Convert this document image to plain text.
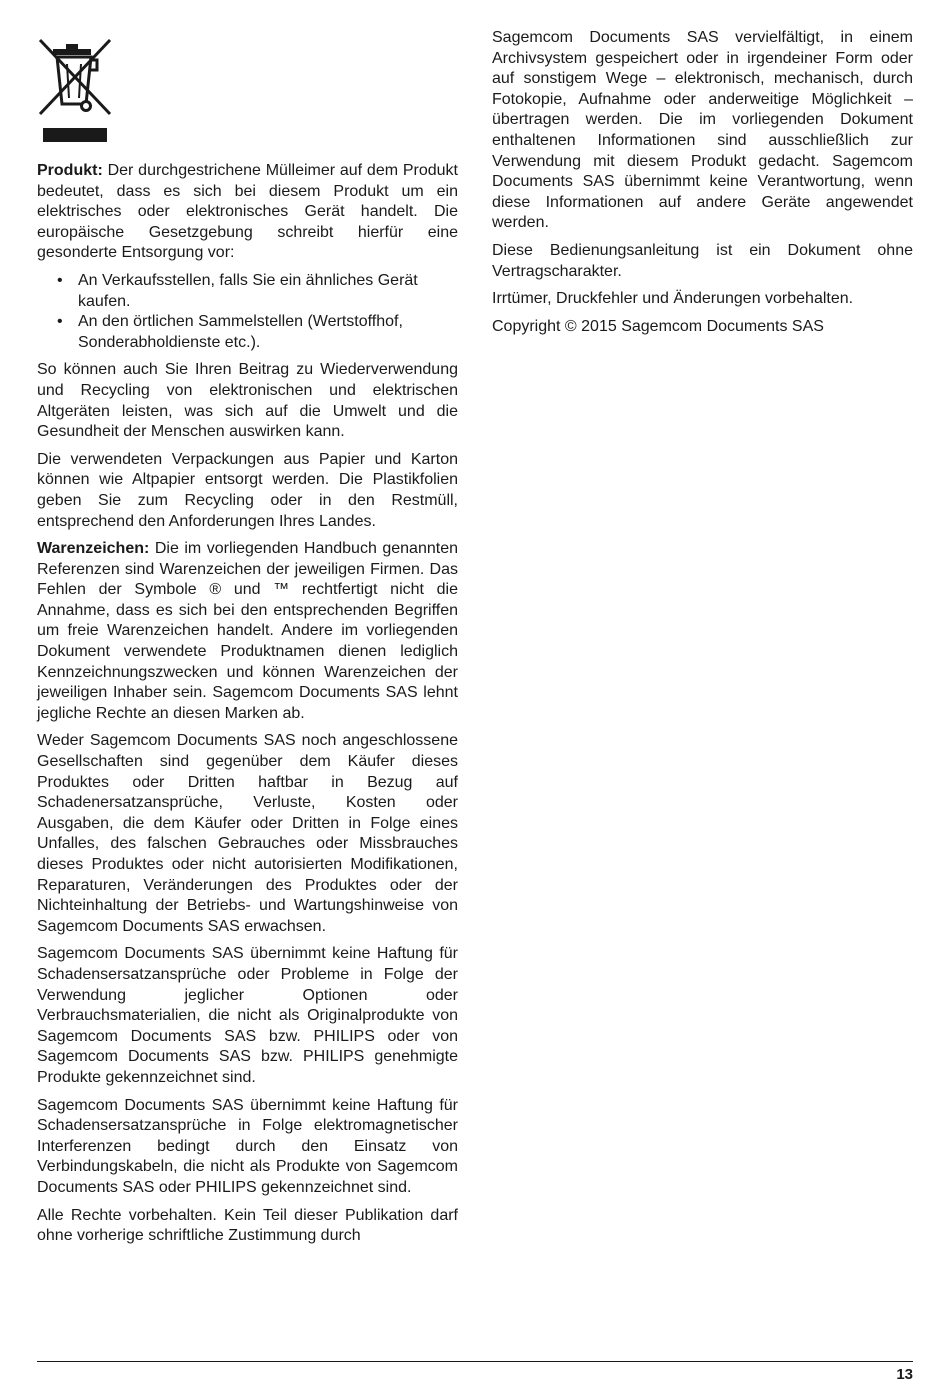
Produkt: Der durchgestrichene Mülleimer auf dem Produkt bedeutet, dass es sich bei diesem Produkt um ein elektrisches oder elektronisches Gerät handelt. Die europäische Gesetzgebung schreibt hierfür eine gesonderte Entsorgung vor:

• An Verkaufsstellen, falls Sie ein ähnliches Gerät kaufen.
• An den örtlichen Sammelstellen (Wertstoffhof, Sonderabholdienste etc.).

So können auch Sie Ihren Beitrag zu Wiederverwendung und Recycling von elektronischen und elektrischen Altgeräten leisten, was sich auf die Umwelt und die Gesundheit der Menschen auswirken kann.

Die verwendeten Verpackungen aus Papier und Karton können wie Altpapier entsorgt werden. Die Plastikfolien geben Sie zum Recycling oder in den Restmüll, entsprechend den Anforderungen Ihres Landes.

Warenzeichen: Die im vorliegenden Handbuch genannten Referenzen sind Warenzeichen der jeweiligen Firmen. Das Fehlen der Symbole ® und ™ rechtfertigt nicht die Annahme, dass es sich bei den entsprechenden Begriffen um freie Warenzeichen handelt. Andere im vorliegenden Dokument verwendete Produktnamen dienen lediglich Kennzeichnungszwecken und können Warenzeichen der jeweiligen Inhaber sein. Sagemcom Documents SAS lehnt jegliche Rechte an diesen Marken ab.

Weder Sagemcom Documents SAS noch angeschlossene Gesellschaften sind gegenüber dem Käufer dieses Produktes oder Dritten haftbar in Bezug auf Schadenersatzansprüche, Verluste, Kosten oder Ausgaben, die dem Käufer oder Dritten in Folge eines Unfalles, des falschen Gebrauches oder Missbrauches dieses Produktes oder nicht autorisierten Modifikationen, Reparaturen, Veränderungen des Produktes oder der Nichteinhaltung der Betriebs- und Wartungshinweise von Sagemcom Documents SAS erwachsen.

Sagemcom Documents SAS übernimmt keine Haftung für Schadensersatzansprüche oder Probleme in Folge der Verwendung jeglicher Optionen oder Verbrauchsmaterialien, die nicht als Originalprodukte von Sagemcom Documents SAS bzw. PHILIPS oder von Sagemcom Documents SAS bzw. PHILIPS genehmigte Produkte gekennzeichnet sind.

Sagemcom Documents SAS übernimmt keine Haftung für Schadensersatzansprüche in Folge elektromagnetischer Interferenzen bedingt durch den Einsatz von Verbindungskabeln, die nicht als Produkte von Sagemcom Documents SAS oder PHILIPS gekennzeichnet sind.

Alle Rechte vorbehalten. Kein Teil dieser Publikation darf ohne vorherige schriftliche Zustimmung durch

Sagemcom Documents SAS vervielfältigt, in einem Archivsystem gespeichert oder in irgendeiner Form oder auf sonstigem Wege – elektronisch, mechanisch, durch Fotokopie, Aufnahme oder anderweitige Möglichkeit – übertragen werden. Die im vorliegenden Dokument enthaltenen Informationen sind ausschließlich zur Verwendung mit diesem Produkt gedacht. Sagemcom Documents SAS übernimmt keine Verantwortung, wenn diese Informationen auf andere Geräte angewendet werden.

Diese Bedienungsanleitung ist ein Dokument ohne Vertragscharakter.

Irrtümer, Druckfehler und Änderungen vorbehalten.

Copyright © 2015 Sagemcom Documents SAS

13
